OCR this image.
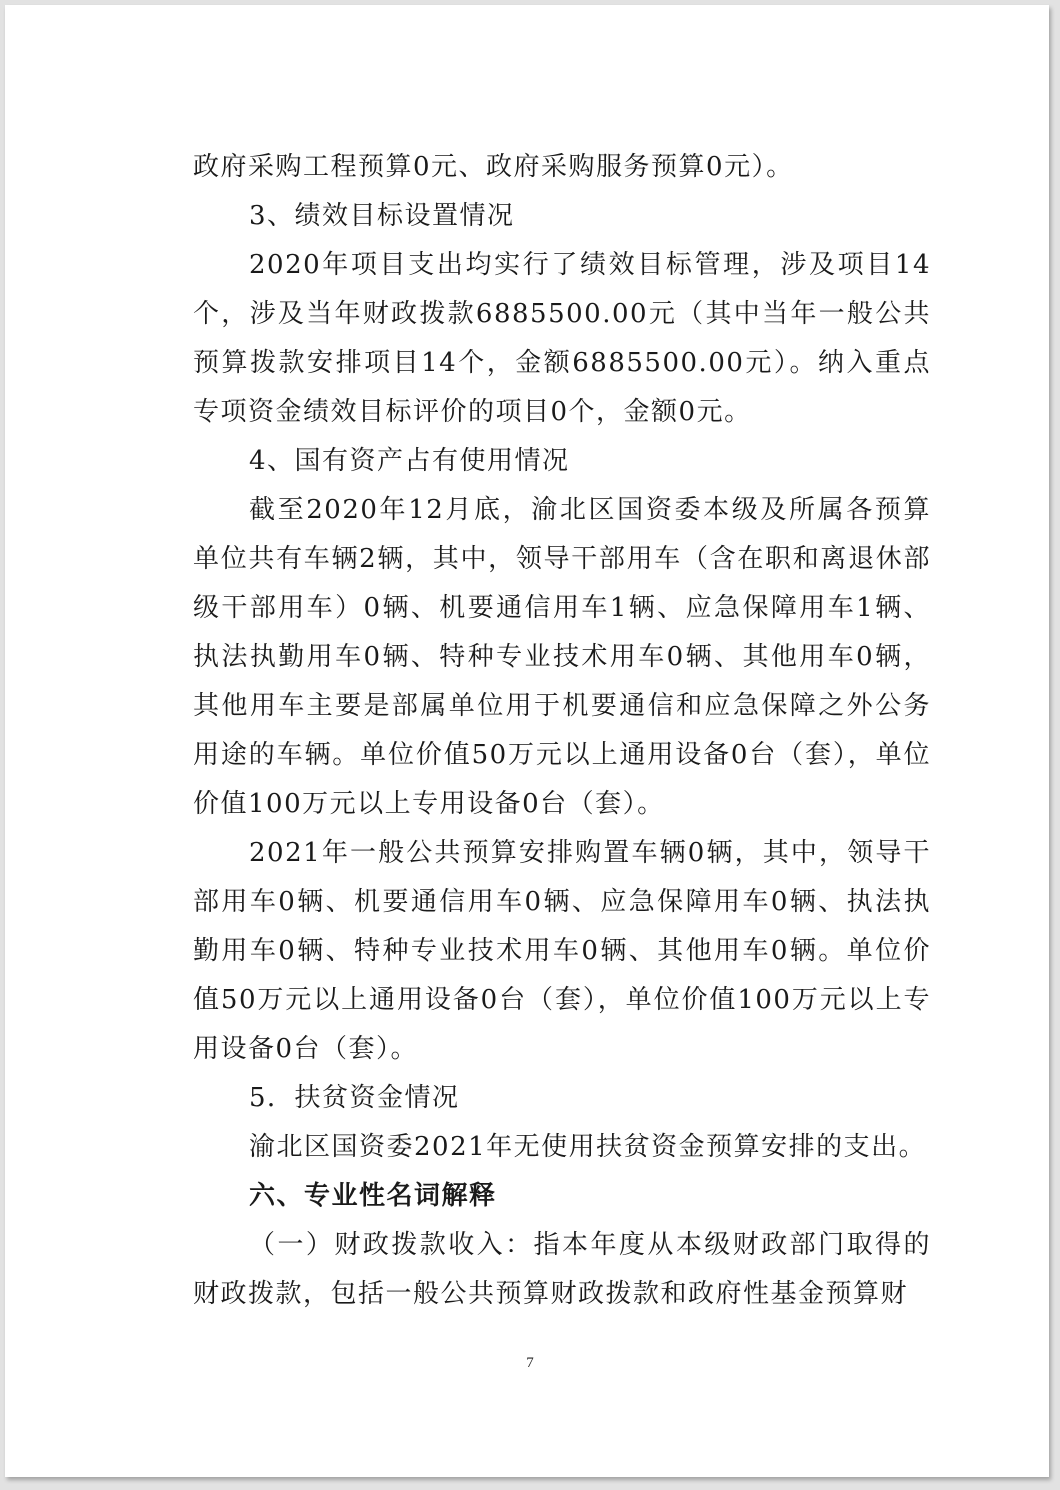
政府采购工程预算0元、政府采购服务预算0元）。

3、绩效目标设置情况

2020年项目支出均实行了绩效目标管理，涉及项目14个，涉及当年财政拨款6885500.00元（其中当年一般公共预算拨款安排项目14个，金额6885500.00元）。纳入重点专项资金绩效目标评价的项目0个，金额0元。

4、国有资产占有使用情况

截至2020年12月底，渝北区国资委本级及所属各预算单位共有车辆2辆，其中，领导干部用车（含在职和离退休部级干部用车）0辆、机要通信用车1辆、应急保障用车1辆、执法执勤用车0辆、特种专业技术用车0辆、其他用车0辆，其他用车主要是部属单位用于机要通信和应急保障之外公务用途的车辆。单位价值50万元以上通用设备0台（套），单位价值100万元以上专用设备0台（套）。

2021年一般公共预算安排购置车辆0辆，其中，领导干部用车0辆、机要通信用车0辆、应急保障用车0辆、执法执勤用车0辆、特种专业技术用车0辆、其他用车0辆。单位价值50万元以上通用设备0台（套），单位价值100万元以上专用设备0台（套）。

5．扶贫资金情况

渝北区国资委2021年无使用扶贫资金预算安排的支出。

六、专业性名词解释

（一）财政拨款收入：指本年度从本级财政部门取得的财政拨款，包括一般公共预算财政拨款和政府性基金预算财

7
